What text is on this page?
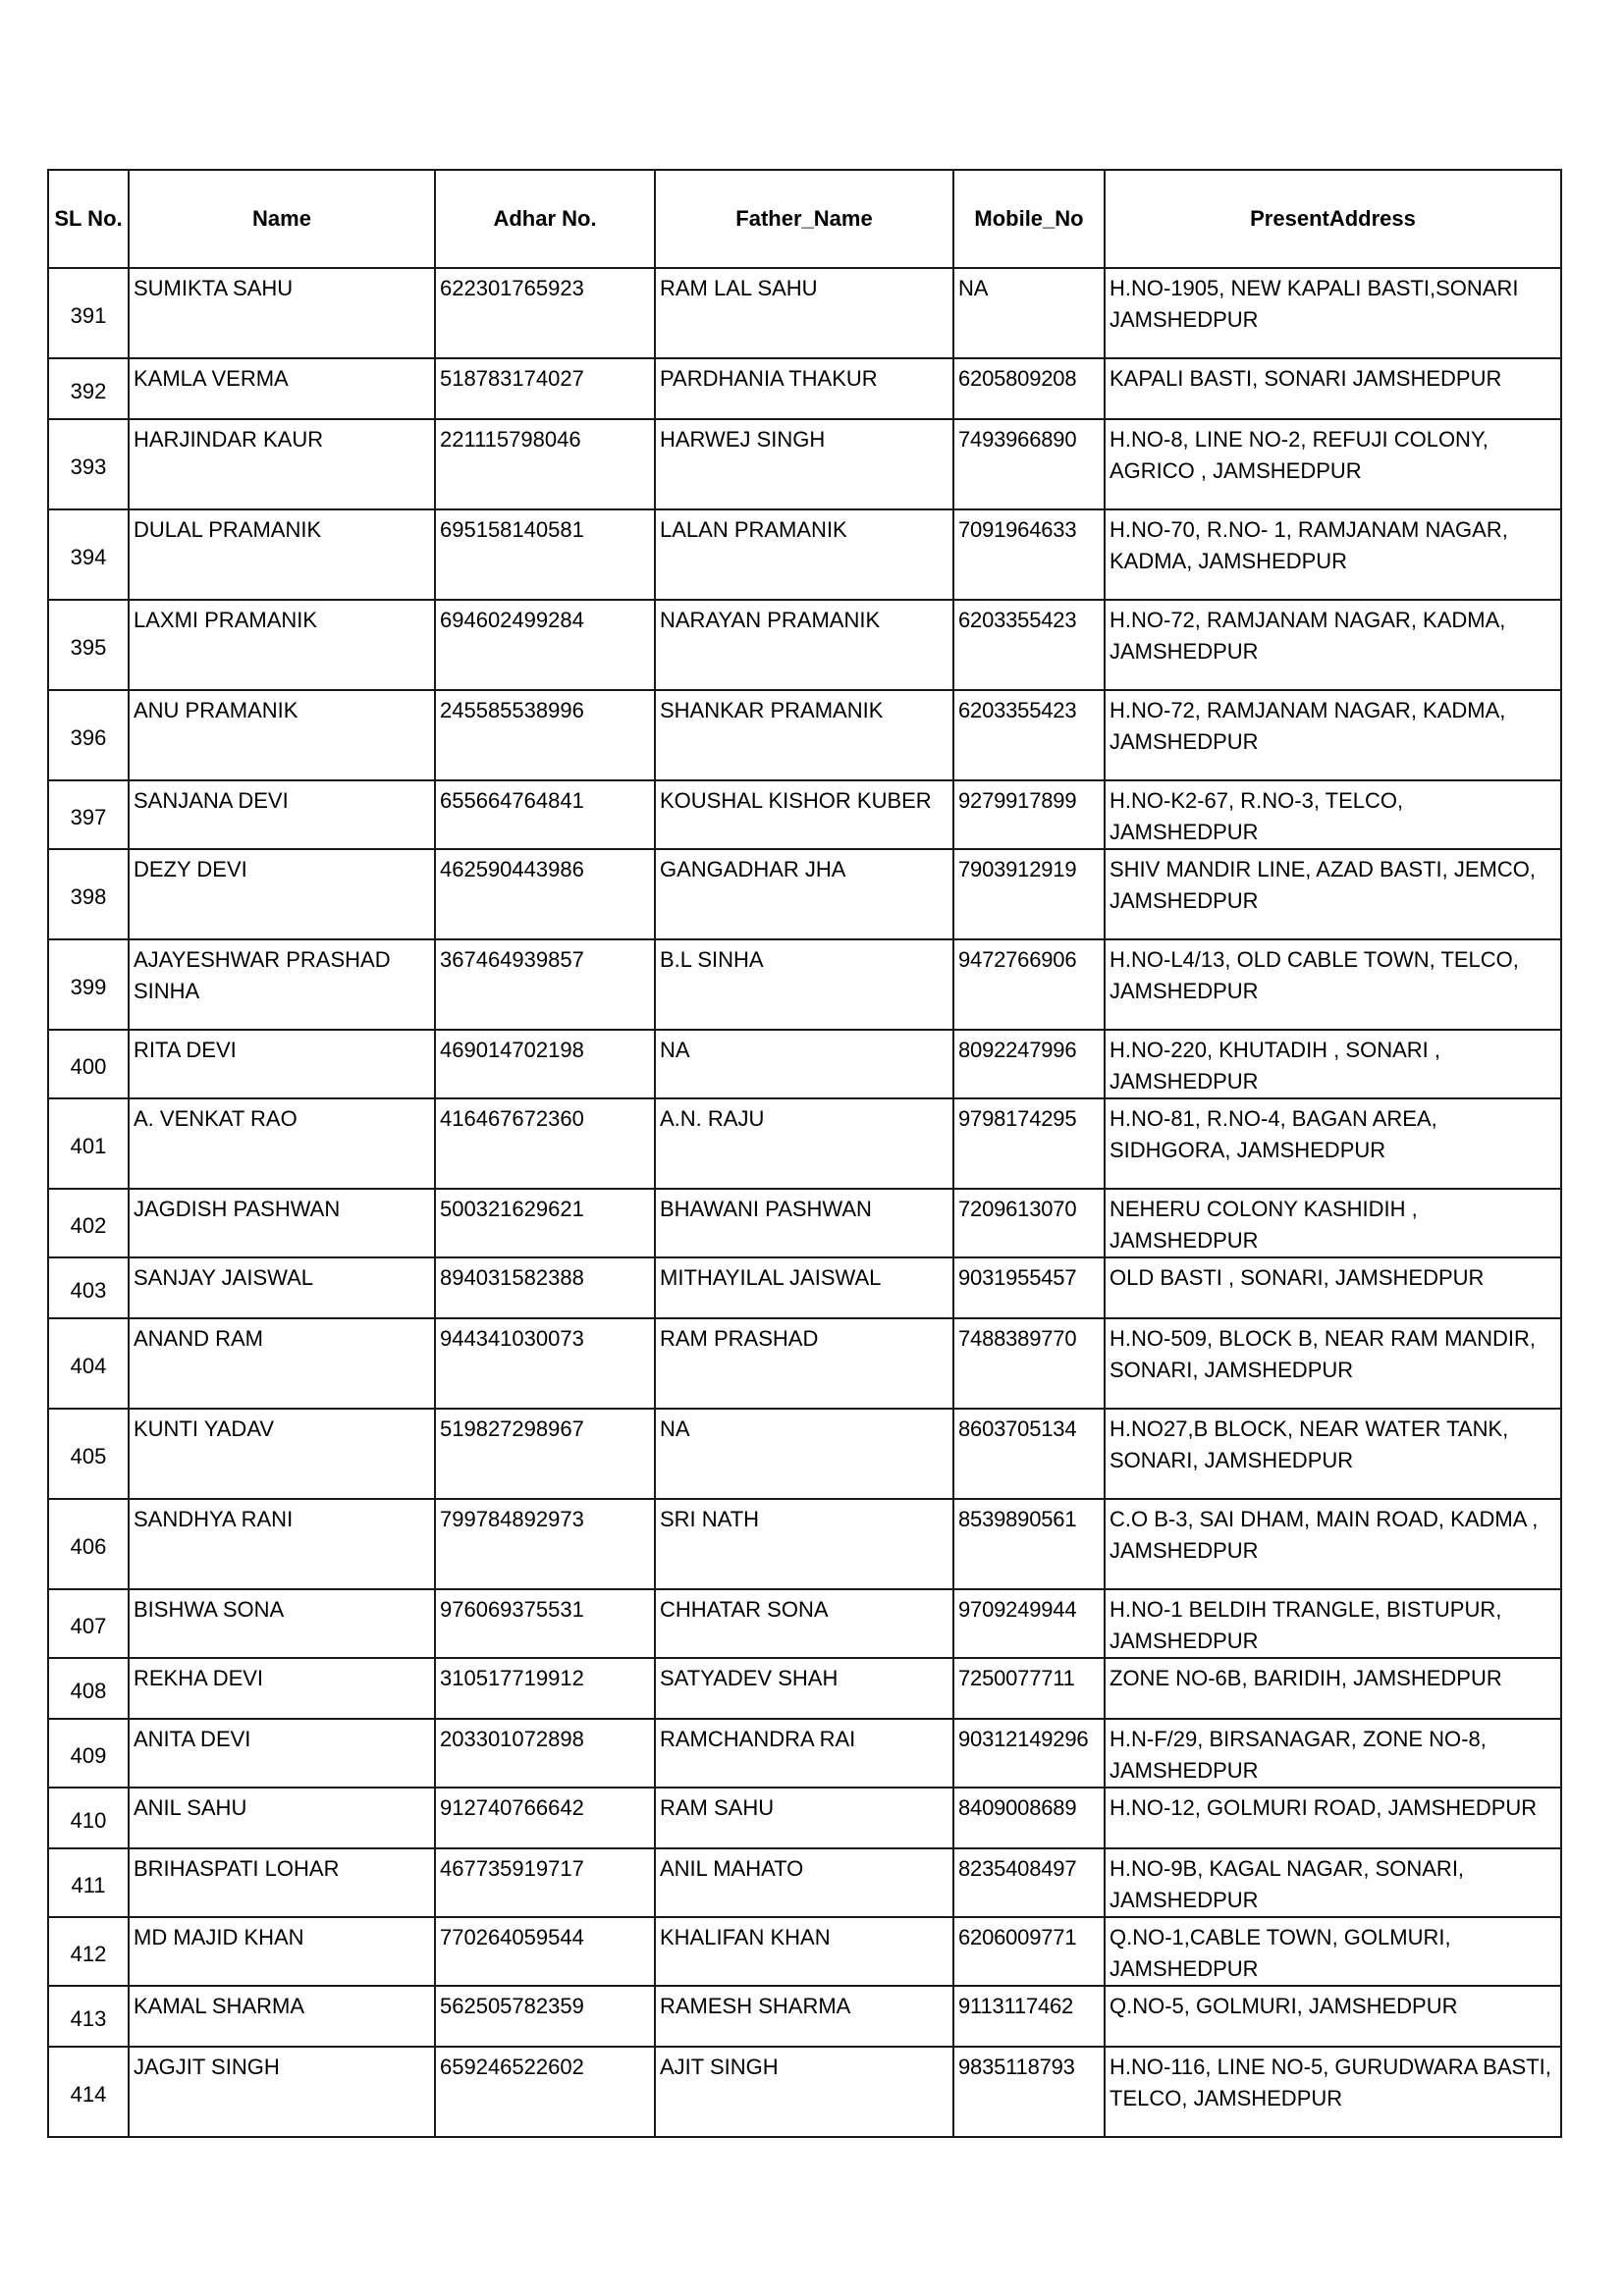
SL No.	Name	Adhar No.	Father_Name	Mobile_No	PresentAddress
391	SUMIKTA SAHU	622301765923	RAM LAL SAHU	NA	H.NO-1905, NEW KAPALI BASTI,SONARI JAMSHEDPUR
392	KAMLA VERMA	518783174027	PARDHANIA THAKUR	6205809208	KAPALI BASTI, SONARI JAMSHEDPUR
393	HARJINDAR KAUR	221115798046	HARWEJ SINGH	7493966890	H.NO-8, LINE NO-2, REFUJI COLONY, AGRICO , JAMSHEDPUR
394	DULAL PRAMANIK	695158140581	LALAN PRAMANIK	7091964633	H.NO-70, R.NO- 1, RAMJANAM NAGAR, KADMA, JAMSHEDPUR
395	LAXMI PRAMANIK	694602499284	NARAYAN PRAMANIK	6203355423	H.NO-72, RAMJANAM NAGAR, KADMA, JAMSHEDPUR
396	ANU PRAMANIK	245585538996	SHANKAR PRAMANIK	6203355423	H.NO-72, RAMJANAM NAGAR, KADMA, JAMSHEDPUR
397	SANJANA DEVI	655664764841	KOUSHAL KISHOR KUBER	9279917899	H.NO-K2-67, R.NO-3, TELCO, JAMSHEDPUR
398	DEZY DEVI	462590443986	GANGADHAR JHA	7903912919	SHIV MANDIR LINE, AZAD BASTI, JEMCO, JAMSHEDPUR
399	AJAYESHWAR PRASHAD SINHA	367464939857	B.L SINHA	9472766906	H.NO-L4/13, OLD CABLE TOWN, TELCO, JAMSHEDPUR
400	RITA DEVI	469014702198	NA	8092247996	H.NO-220, KHUTADIH , SONARI , JAMSHEDPUR
401	A. VENKAT RAO	416467672360	A.N. RAJU	9798174295	H.NO-81, R.NO-4, BAGAN AREA, SIDHGORA, JAMSHEDPUR
402	JAGDISH PASHWAN	500321629621	BHAWANI PASHWAN	7209613070	NEHERU COLONY KASHIDIH , JAMSHEDPUR
403	SANJAY JAISWAL	894031582388	MITHAYILAL JAISWAL	9031955457	OLD BASTI , SONARI, JAMSHEDPUR
404	ANAND RAM	944341030073	RAM PRASHAD	7488389770	H.NO-509, BLOCK B, NEAR RAM MANDIR, SONARI, JAMSHEDPUR
405	KUNTI YADAV	519827298967	NA	8603705134	H.NO27,B BLOCK, NEAR WATER TANK, SONARI, JAMSHEDPUR
406	SANDHYA RANI	799784892973	SRI NATH	8539890561	C.O B-3, SAI DHAM, MAIN ROAD, KADMA , JAMSHEDPUR
407	BISHWA SONA	976069375531	CHHATAR SONA	9709249944	H.NO-1 BELDIH TRANGLE, BISTUPUR, JAMSHEDPUR
408	REKHA DEVI	310517719912	SATYADEV SHAH	7250077711	ZONE NO-6B, BARIDIH, JAMSHEDPUR
409	ANITA DEVI	203301072898	RAMCHANDRA RAI	90312149296	H.N-F/29, BIRSANAGAR, ZONE NO-8, JAMSHEDPUR
410	ANIL SAHU	912740766642	RAM SAHU	8409008689	H.NO-12, GOLMURI ROAD, JAMSHEDPUR
411	BRIHASPATI LOHAR	467735919717	ANIL MAHATO	8235408497	H.NO-9B, KAGAL NAGAR, SONARI, JAMSHEDPUR
412	MD MAJID KHAN	770264059544	KHALIFAN KHAN	6206009771	Q.NO-1,CABLE TOWN, GOLMURI, JAMSHEDPUR
413	KAMAL SHARMA	562505782359	RAMESH SHARMA	9113117462	Q.NO-5, GOLMURI, JAMSHEDPUR
414	JAGJIT SINGH	659246522602	AJIT SINGH	9835118793	H.NO-116, LINE NO-5, GURUDWARA BASTI, TELCO, JAMSHEDPUR
